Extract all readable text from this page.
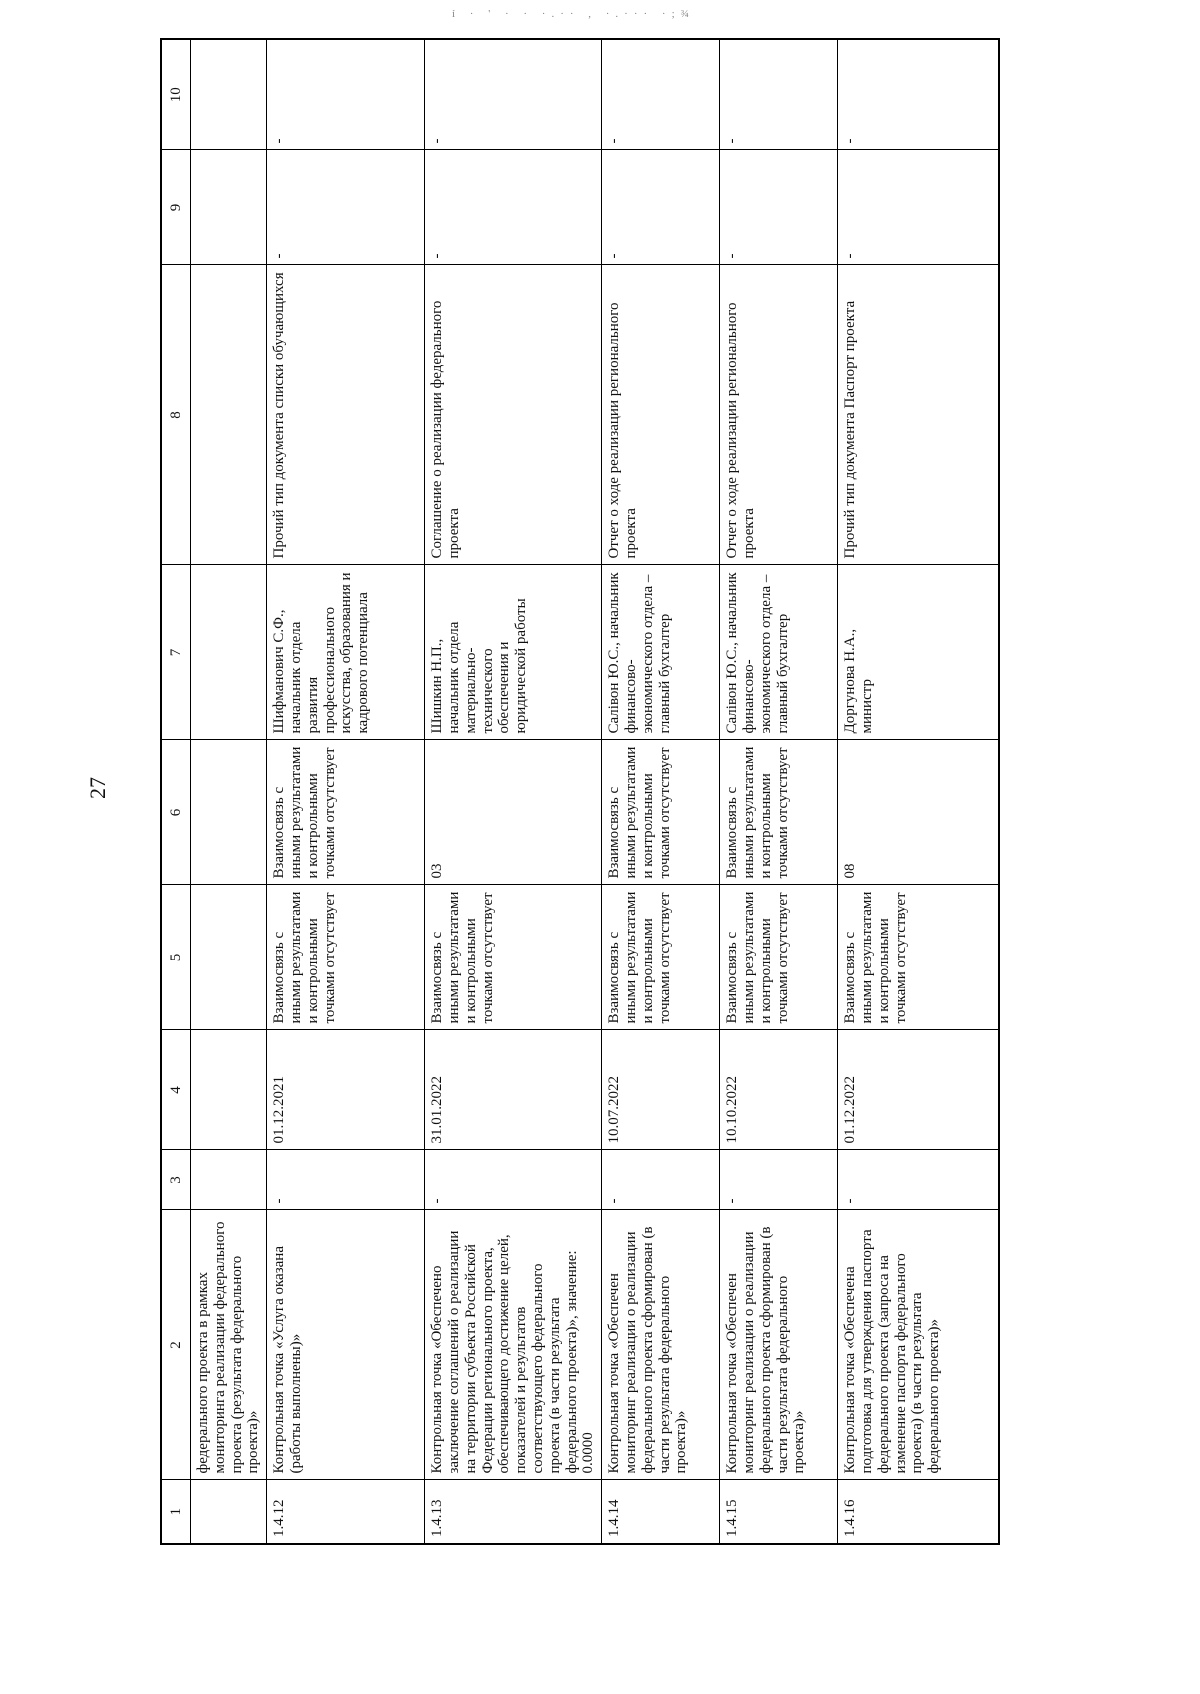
ỉ · ' · · ·.·· , ·.··· ·;¾
27
1	2	3	4	5	6	7	8	9	10
	федерального проекта в рамках мониторинга реализации федерального проекта (результата федерального проекта)»								
1.4.12	Контрольная точка «Услуга оказана (работы выполнены)»	-	01.12.2021	Взаимосвязь с иными результатами и контрольными точками отсутствует	Взаимосвязь с иными результатами и контрольными точками отсутствует	Шифманович С.Ф., начальник отдела развития профессионального искусства, образования и кадрового потенциала	Прочий тип документа списки обучающихся	-	-
1.4.13	Контрольная точка «Обеспечено заключение соглашений о реализации на территории субъекта Российской Федерации регионального проекта, обеспечивающего достижение целей, показателей и результатов соответствующего федерального проекта (в части результата федерального проекта)», значение: 0.0000	-	31.01.2022	Взаимосвязь с иными результатами и контрольными точками отсутствует	03	Шишкин Н.П., начальник отдела материально-технического обеспечения и юридической работы	Соглашение о реализации федерального проекта	-	-
1.4.14	Контрольная точка «Обеспечен мониторинг реализации о реализации федерального проекта сформирован (в части результата федерального проекта)»	-	10.07.2022	Взаимосвязь с иными результатами и контрольными точками отсутствует	Взаимосвязь с иными результатами и контрольными точками отсутствует	Салівон Ю.С., начальник финансово-экономического отдела – главный бухгалтер	Отчет о ходе реализации регионального проекта	-	-
1.4.15	Контрольная точка «Обеспечен мониторинг реализации о реализации федерального проекта сформирован (в части результата федерального проекта)»	-	10.10.2022	Взаимосвязь с иными результатами и контрольными точками отсутствует	Взаимосвязь с иными результатами и контрольными точками отсутствует	Салівон Ю.С., начальник финансово-экономического отдела – главный бухгалтер	Отчет о ходе реализации регионального проекта	-	-
1.4.16	Контрольная точка «Обеспечена подготовка для утверждения паспорта федерального проекта (запроса на изменение паспорта федерального проекта) (в части результата федерального проекта)»	-	01.12.2022	Взаимосвязь с иными результатами и контрольными точками отсутствует	08	Доргунова Н.А., министр	Прочий тип документа Паспорт проекта	-	-
